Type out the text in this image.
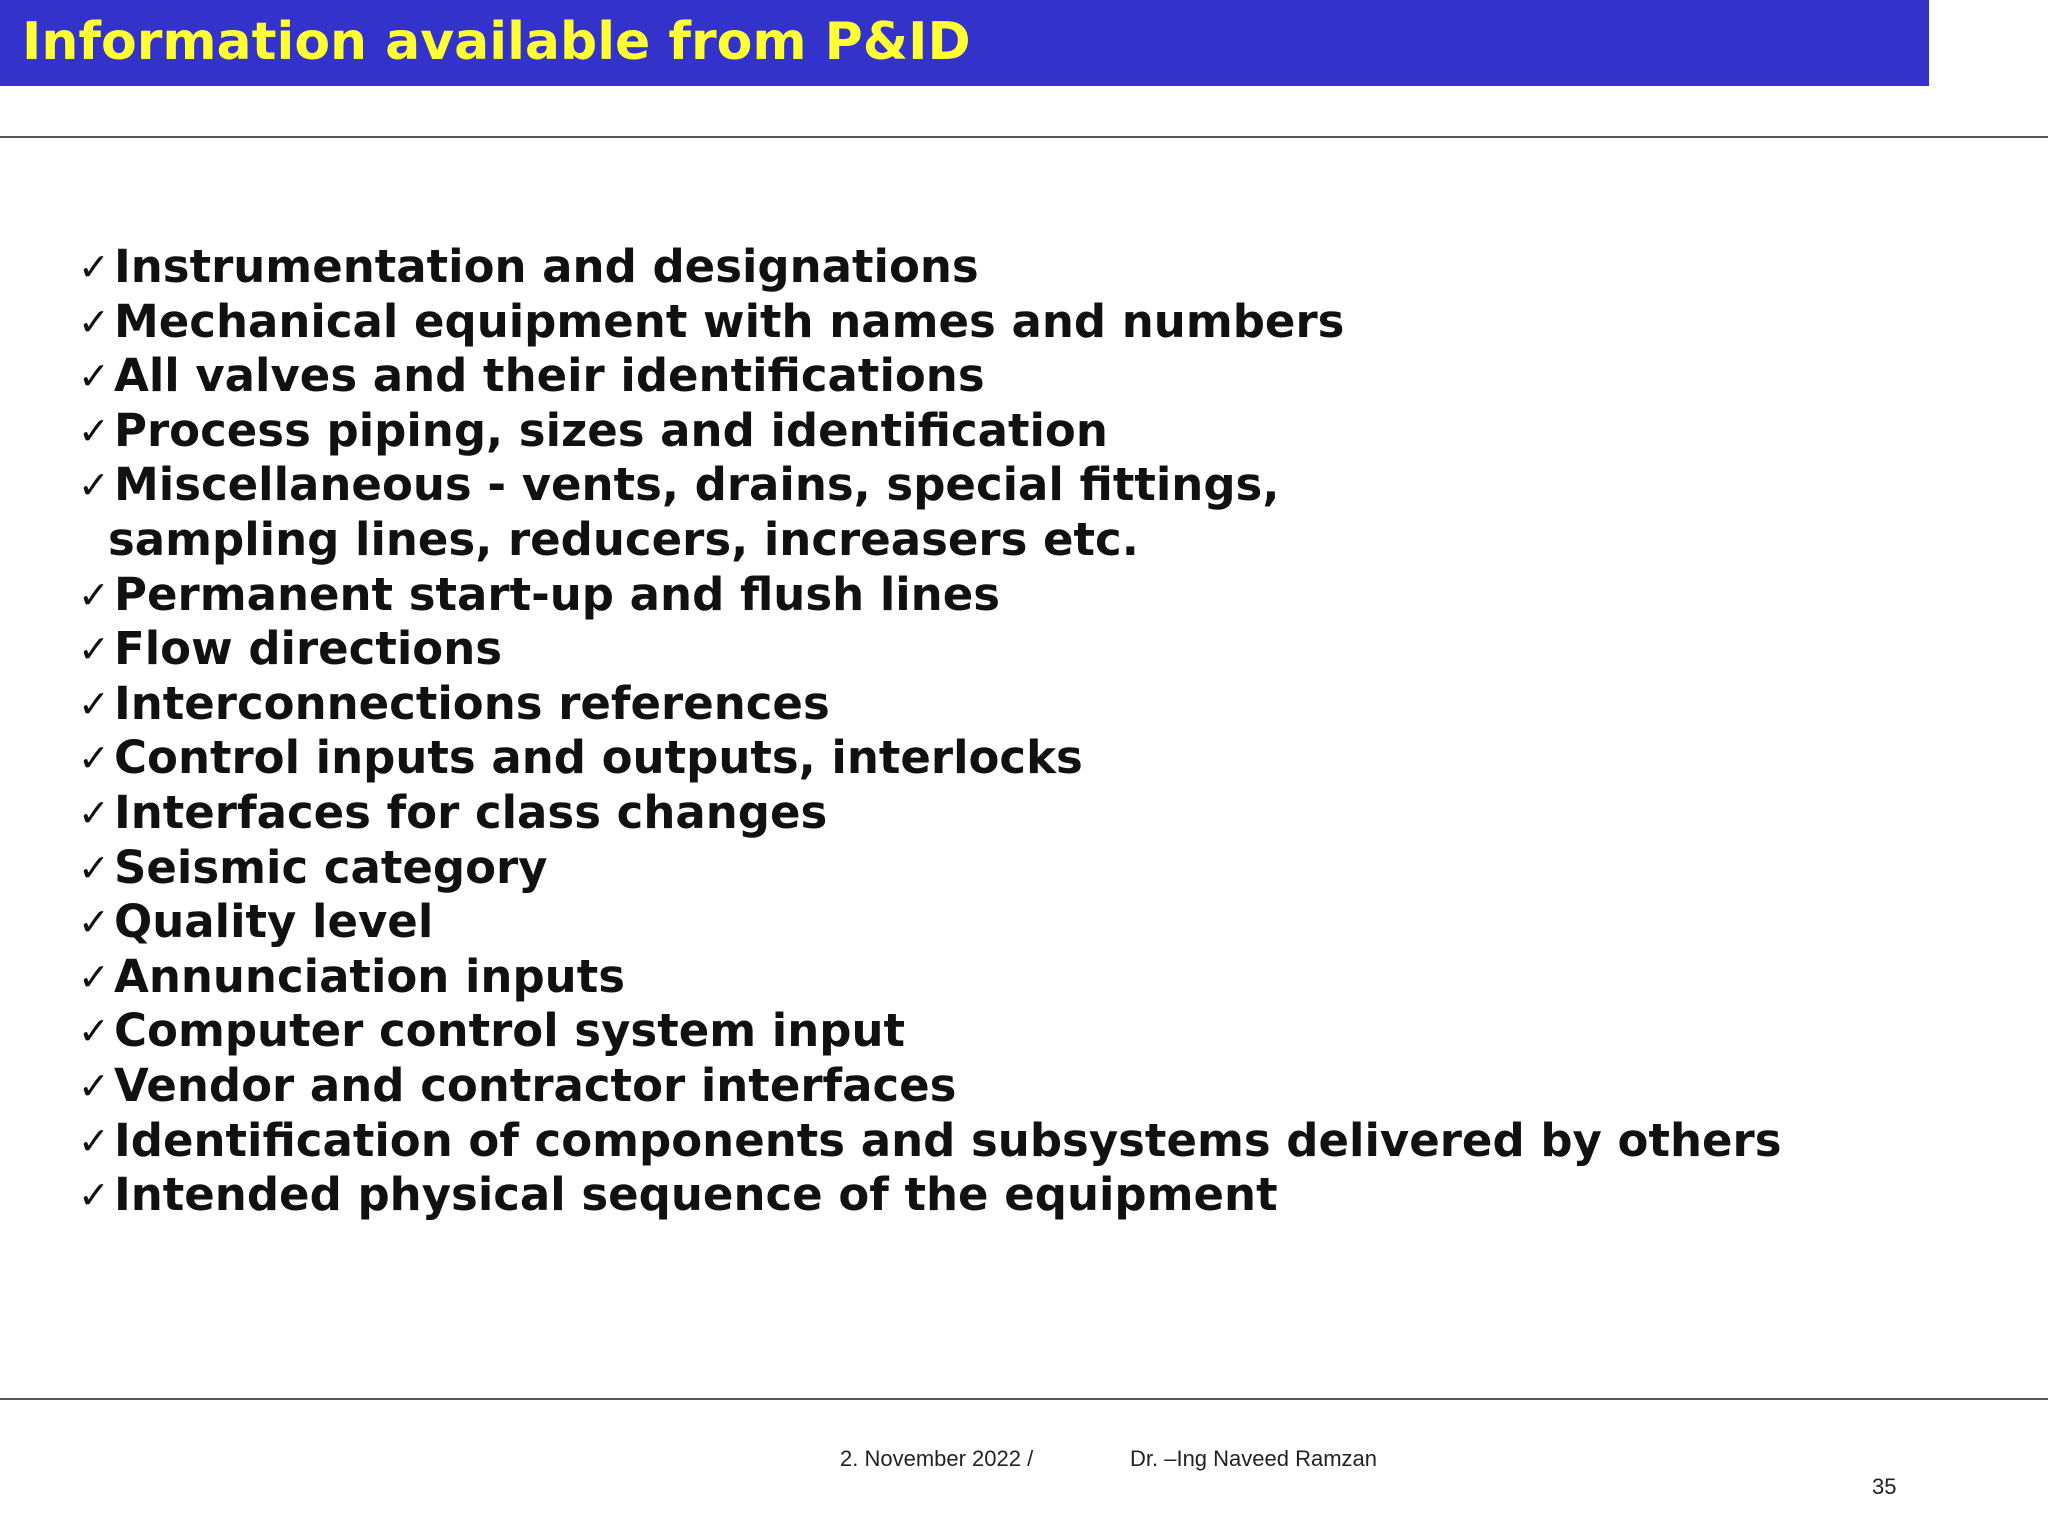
Information available from P&ID
✓ Instrumentation and designations
✓ Mechanical equipment with names and numbers
✓ All valves and their identifications
✓ Process piping, sizes and identification
✓ Miscellaneous - vents, drains, special fittings,
sampling lines, reducers, increasers etc.
✓ Permanent start-up and flush lines
✓ Flow directions
✓ Interconnections references
✓ Control inputs and outputs, interlocks
✓ Interfaces for class changes
✓ Seismic category
✓ Quality level
✓ Annunciation inputs
✓ Computer control system input
✓ Vendor and contractor interfaces
✓ Identification of components and subsystems delivered by others
✓ Intended physical sequence of the equipment
2. November 2022 /	Dr. –Ing Naveed Ramzan
35
